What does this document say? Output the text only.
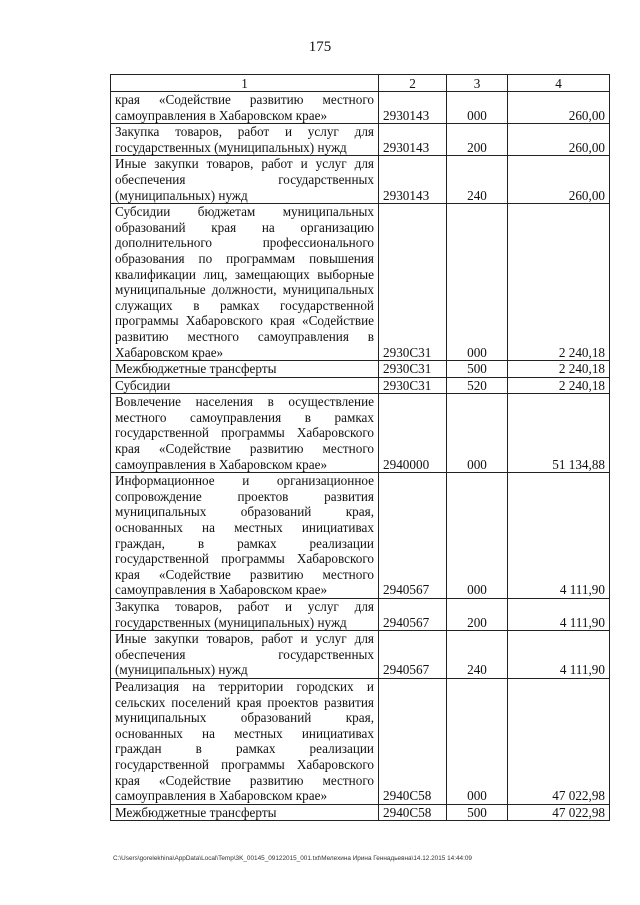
175
1	2	3	4
края «Содействие развитию местного самоуправления в Хабаровском крае»	2930143	000	260,00
Закупка товаров, работ и услуг для государственных (муниципальных) нужд	2930143	200	260,00
Иные закупки товаров, работ и услуг для обеспечения государственных (муниципальных) нужд	2930143	240	260,00
Субсидии бюджетам муниципальных образований края на организацию дополнительного профессионального образования по программам повышения квалификации лиц, замещающих выборные муниципальные должности, муниципальных служащих в рамках государственной программы Хабаровского края «Содействие развитию местного самоуправления в Хабаровском крае»	2930С31	000	2 240,18
Межбюджетные трансферты	2930С31	500	2 240,18
Субсидии	2930С31	520	2 240,18
Вовлечение населения в осуществление местного самоуправления в рамках государственной программы Хабаровского края «Содействие развитию местного самоуправления в Хабаровском крае»	2940000	000	51 134,88
Информационное и организационное сопровождение проектов развития муниципальных образований края, основанных на местных инициативах граждан, в рамках реализации государственной программы Хабаровского края «Содействие развитию местного самоуправления в Хабаровском крае»	2940567	000	4 111,90
Закупка товаров, работ и услуг для государственных (муниципальных) нужд	2940567	200	4 111,90
Иные закупки товаров, работ и услуг для обеспечения государственных (муниципальных) нужд	2940567	240	4 111,90
Реализация на территории городских и сельских поселений края проектов развития муниципальных образований края, основанных на местных инициативах граждан в рамках реализации государственной программы Хабаровского края «Содействие развитию местного самоуправления в Хабаровском крае»	2940С58	000	47 022,98
Межбюджетные трансферты	2940С58	500	47 022,98
C:\Users\gorelekhina\AppData\Local\Temp\3K_00145_09122015_001.txt\Мелехина Ирина Геннадьевна\14.12.2015 14:44:09
